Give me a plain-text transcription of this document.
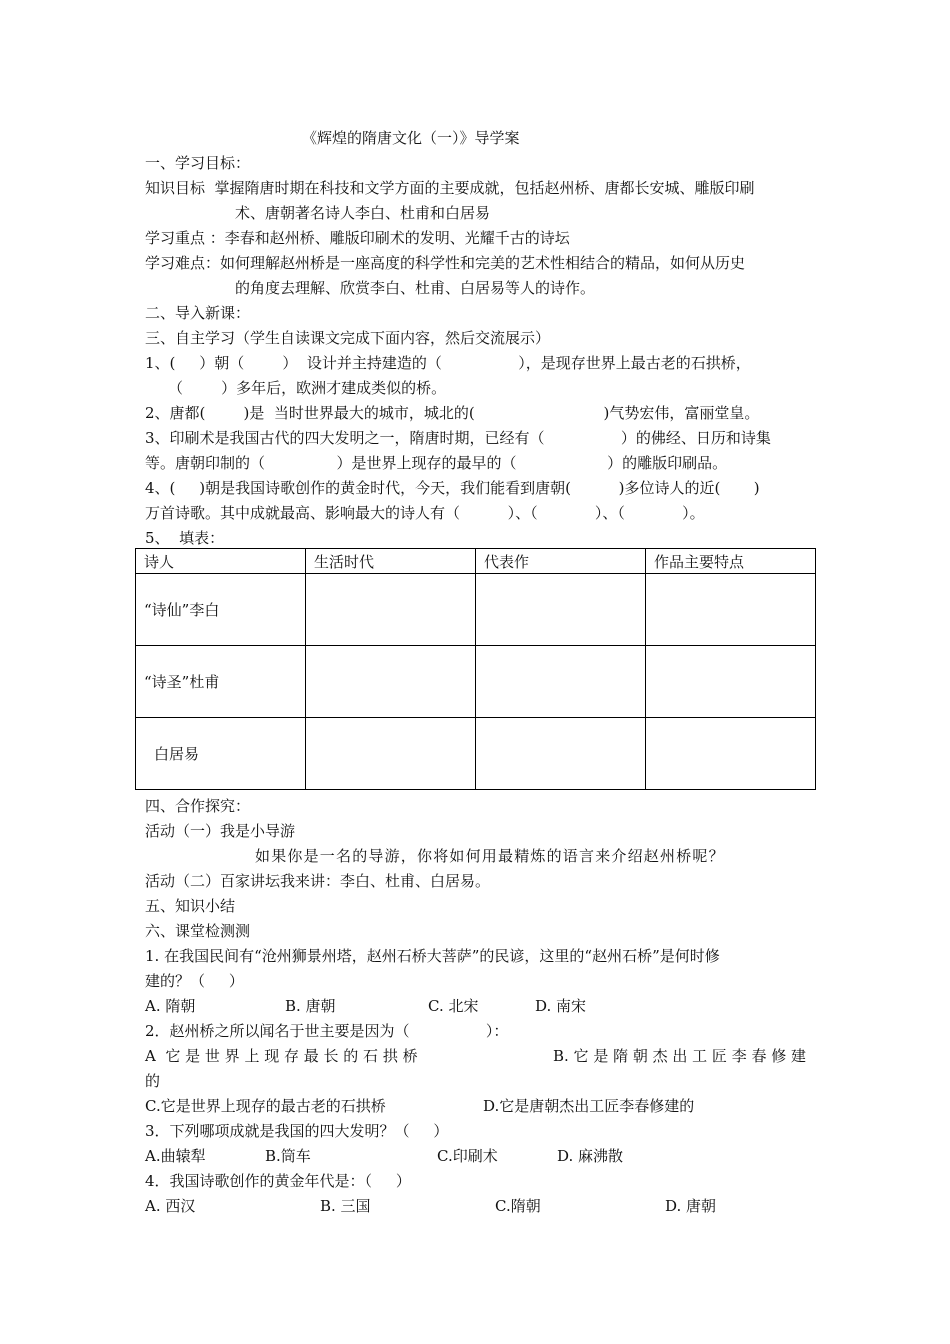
《辉煌的隋唐文化（一）》导学案
一、学习目标：
知识目标  掌握隋唐时期在科技和文学方面的主要成就，包括赵州桥、唐都长安城、雕版印刷
术、唐朝著名诗人李白、杜甫和白居易
学习重点 ：李春和赵州桥、雕版印刷术的发明、光耀千古的诗坛
学习难点：如何理解赵州桥是一座高度的科学性和完美的艺术性相结合的精品，如何从历史
的角度去理解、欣赏李白、杜甫、白居易等人的诗作。
二、导入新课：
三、自主学习（学生自读课文完成下面内容，然后交流展示）
1、(     ）朝（        ）  设计并主持建造的（                ），是现存世界上最古老的石拱桥，
（        ）多年后，欧洲才建成类似的桥。
2、唐都(        )是  当时世界最大的城市，城北的(                           )气势宏伟，富丽堂皇。
3、印刷术是我国古代的四大发明之一，隋唐时期，已经有（                ）的佛经、日历和诗集
等。唐朝印制的（               ）是世界上现存的最早的（                   ）的雕版印刷品。
4、(     )朝是我国诗歌创作的黄金时代，今天，我们能看到唐朝(          )多位诗人的近(       )
万首诗歌。其中成就最高、影响最大的诗人有（          ）、（            ）、（            ）。
5、  填表：
诗人	生活时代	代表作	作品主要特点
“诗仙”李白			
“诗圣”杜甫			
白居易			
四、合作探究：
活动（一）我是小导游
如果你是一名的导游，你将如何用最精炼的语言来介绍赵州桥呢？
活动（二）百家讲坛我来讲：李白、杜甫、白居易。
五、知识小结
六、课堂检测测
1. 在我国民间有“沧州狮景州塔，赵州石桥大菩萨”的民谚，这里的“赵州石桥”是何时修
建的？（     ）
A. 隋朝	B. 唐朝	C. 北宋	D. 南宋
2．赵州桥之所以闻名于世主要是因为（                ）：
A  它 是 世 界 上 现 存 最 长 的 石 拱 桥	B. 它 是 隋 朝 杰 出 工 匠 李 春 修 建
的
C.它是世界上现存的最古老的石拱桥	D.它是唐朝杰出工匠李春修建的
3．下列哪项成就是我国的四大发明？（     ）
A.曲辕犁	B.筒车	C.印刷术	D. 麻沸散
4．我国诗歌创作的黄金年代是：（     ）
A. 西汉	B. 三国	C.隋朝	D. 唐朝
